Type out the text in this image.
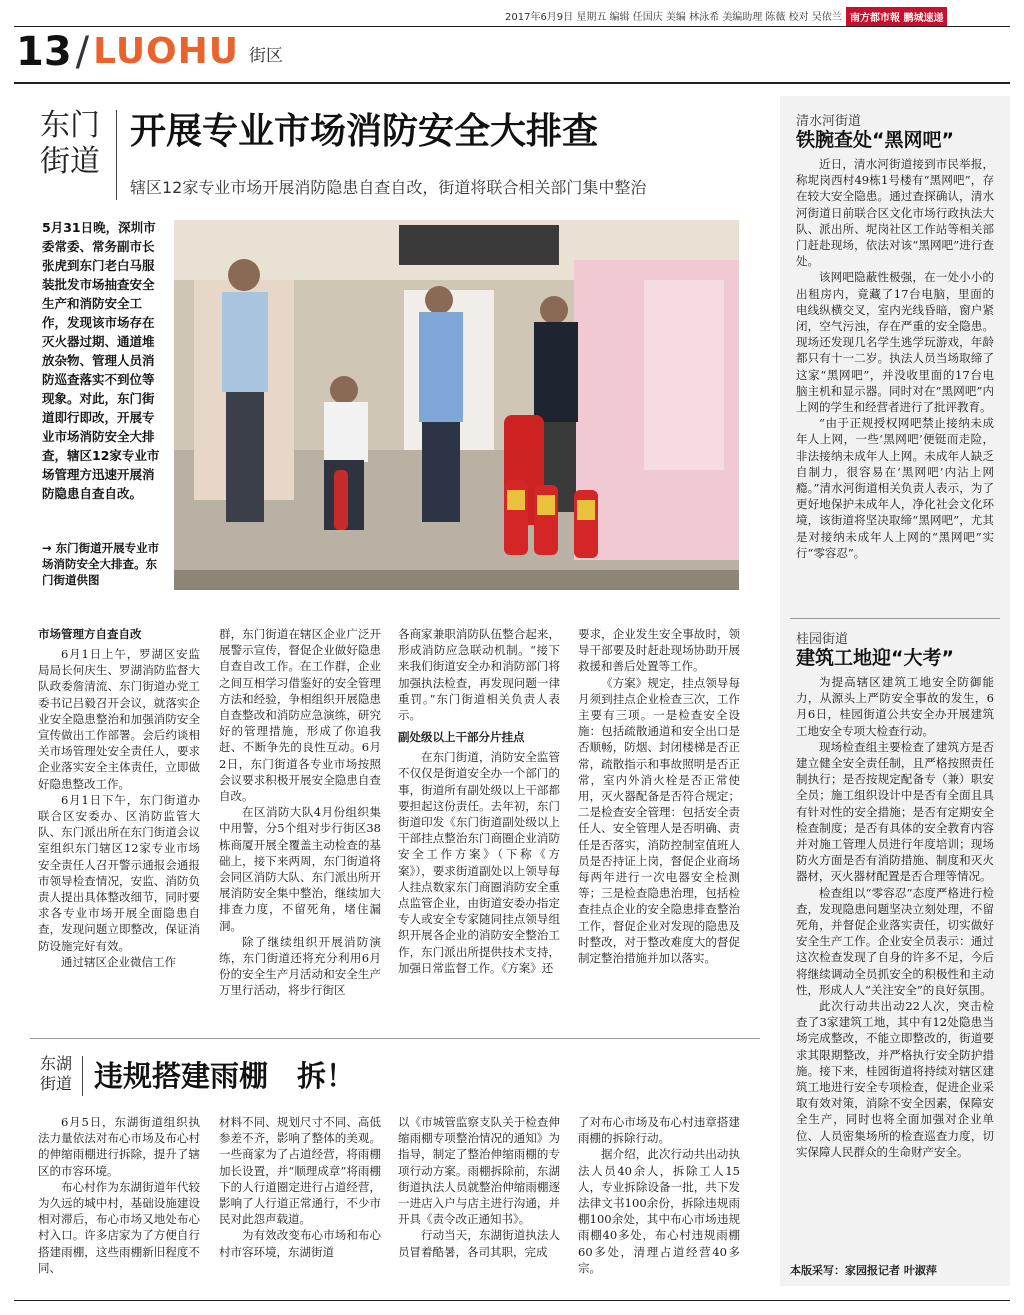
2017年6月9日 星期五 编辑 任国庆 美编 林泳希 美编助理 陈薇 校对 吴依兰 南方都市報 鹏城速递
13 / LUOHU 街区
东门街道
开展专业市场消防安全大排查
辖区12家专业市场开展消防隐患自查自改，街道将联合相关部门集中整治
5月31日晚，深圳市委常委、常务副市长张虎到东门老白马服装批发市场抽查安全生产和消防安全工作，发现该市场存在灭火器过期、通道堆放杂物、管理人员消防巡查落实不到位等现象。对此，东门街道即行即改，开展专业市场消防安全大排查，辖区12家专业市场管理方迅速开展消防隐患自查自改。
→ 东门街道开展专业市场消防安全大排查。东门街道供图
市场管理方自查自改

6月1日上午，罗湖区安监局局长何庆生、罗湖消防监督大队政委詹清流、东门街道办党工委书记吕毅召开会议，就落实企业安全隐患整治和加强消防安全宣传做出工作部署。会后约谈相关市场管理处安全责任人，要求企业落实安全主体责任，立即做好隐患整改工作。

6月1日下午，东门街道办联合区安委办、区消防监管大队、东门派出所在东门街道会议室组织东门辖区12家专业市场安全责任人召开警示通报会通报市领导检查情况，安监、消防负责人提出具体整改细节，同时要求各专业市场开展全面隐患自查，发现问题立即整改，保证消防设施完好有效。

通过辖区企业微信工作

群，东门街道在辖区企业广泛开展警示宣传，督促企业做好隐患自查自改工作。在工作群，企业之间互相学习借鉴好的安全管理方法和经验，争相组织开展隐患自查整改和消防应急演练，研究好的管理措施，形成了你追我赶、不断争先的良性互动。6月2日，东门街道各专业市场按照会议要求积极开展安全隐患自查自改。

在区消防大队4月份组织集中用警，分5个组对步行街区38栋商厦开展全覆盖主动检查的基础上，接下来两周，东门街道将会同区消防大队、东门派出所开展消防安全集中整治，继续加大排查力度，不留死角，堵住漏洞。

除了继续组织开展消防演练，东门街道还将充分利用6月份的安全生产月活动和安全生产万里行活动，将步行街区

各商家兼职消防队伍整合起来，形成消防应急联动机制。“接下来我们街道安全办和消防部门将加强执法检查，再发现问题一律重罚。”东门街道相关负责人表示。

副处级以上干部分片挂点

在东门街道，消防安全监管不仅仅是街道安全办一个部门的事，街道所有副处级以上干部都要担起这份责任。去年初，东门街道印发《东门街道副处级以上干部挂点整治东门商圈企业消防安全工作方案》（下称《方案》），要求街道副处以上领导每人挂点数家东门商圈消防安全重点监管企业，由街道安委办指定专人或安全专家随同挂点领导组织开展各企业的消防安全整治工作，东门派出所提供技术支持，加强日常监督工作。《方案》还

要求，企业发生安全事故时，领导干部要及时赶赴现场协助开展救援和善后处置等工作。

《方案》规定，挂点领导每月须到挂点企业检查三次，工作主要有三项。一是检查安全设施：包括疏散通道和安全出口是否顺畅，防烟、封闭楼梯是否正常，疏散指示和事故照明是否正常，室内外消火栓是否正常使用，灭火器配备是否符合规定；二是检查安全管理：包括安全责任人、安全管理人是否明确、责任是否落实，消防控制室值班人员是否持证上岗，督促企业商场每两年进行一次电器安全检测等；三是检查隐患治理，包括检查挂点企业的安全隐患排查整治工作，督促企业对发现的隐患及时整改，对于整改难度大的督促制定整治措施并加以落实。

清水河街道
铁腕查处“黑网吧”

近日，清水河街道接到市民举报，称坭岗西村49栋1号楼有“黑网吧”，存在较大安全隐患。通过查探确认，清水河街道日前联合区文化市场行政执法大队、派出所、坭岗社区工作站等相关部门赶赴现场，依法对该“黑网吧”进行查处。

该网吧隐蔽性极强，在一处小小的出租房内，竟藏了17台电脑，里面的电线纵横交叉，室内光线昏暗，窗户紧闭，空气污浊，存在严重的安全隐患。现场还发现几名学生逃学玩游戏，年龄都只有十一二岁。执法人员当场取缔了这家“黑网吧”，并没收里面的17台电脑主机和显示器。同时对在“黑网吧”内上网的学生和经营者进行了批评教育。

“由于正规授权网吧禁止接纳未成年人上网，一些‘黑网吧’便铤而走险，非法接纳未成年人上网。未成年人缺乏自制力，很容易在‘黑网吧’内沾上网瘾。”清水河街道相关负责人表示，为了更好地保护未成年人，净化社会文化环境，该街道将坚决取缔“黑网吧”，尤其是对接纳未成年人上网的“黑网吧”实行“零容忍”。

桂园街道
建筑工地迎“大考”

为提高辖区建筑工地安全防御能力，从源头上严防安全事故的发生，6月6日，桂园街道公共安全办开展建筑工地安全专项大检查行动。

现场检查组主要检查了建筑方是否建立健全安全责任制，且严格按照责任制执行；是否按规定配备专（兼）职安全员；施工组织设计中是否有全面且具有针对性的安全措施；是否有定期安全检查制度；是否有具体的安全教育内容并对施工管理人员进行年度培训；现场防火方面是否有消防措施、制度和灭火器材，灭火器材配置是否合理等情况。

检查组以“零容忍”态度严格进行检查，发现隐患问题坚决立刻处理，不留死角，并督促企业落实责任，切实做好安全生产工作。企业安全员表示：通过这次检查发现了自身的许多不足，今后将继续调动全员抓安全的积极性和主动性，形成人人“关注安全”的良好氛围。

此次行动共出动22人次，突击检查了3家建筑工地，其中有12处隐患当场完成整改，不能立即整改的，街道要求其限期整改，并严格执行安全防护措施。接下来，桂园街道将持续对辖区建筑工地进行安全专项检查，促进企业采取有效对策，消除不安全因素，保障安全生产，同时也将全面加强对企业单位、人员密集场所的检查巡查力度，切实保障人民群众的生命财产安全。

本版采写：家园报记者 叶淑萍
东湖街道 违规搭建雨棚　拆！

6月5日，东湖街道组织执法力量依法对布心市场及布心村的伸缩雨棚进行拆除，提升了辖区的市容环境。

布心村作为东湖街道年代较为久远的城中村，基础设施建设相对滞后，布心市场又地处布心村入口。许多店家为了方便自行搭建雨棚，这些雨棚新旧程度不同、

材料不同、规划尺寸不同、高低参差不齐，影响了整体的美观。一些商家为了占道经营，将雨棚加长设置，并“顺理成章”将雨棚下的人行道圈定进行占道经营，影响了人行道正常通行，不少市民对此怨声载道。

为有效改变布心市场和布心村市容环境，东湖街道

以《市城管监察支队关于检查伸缩雨棚专项整治情况的通知》为指导，制定了整治伸缩雨棚的专项行动方案。雨棚拆除前，东湖街道执法人员就整治伸缩雨棚逐一进店入户与店主进行沟通，并开具《责令改正通知书》。

行动当天，东湖街道执法人员冒着酷暑，各司其职，完成

了对布心市场及布心村违章搭建雨棚的拆除行动。

据介绍，此次行动共出动执法人员40余人，拆除工人15人，专业拆除设备一批，共下发法律文书100余份，拆除违规雨棚100余处，其中布心市场违规雨棚40多处，布心村违规雨棚60多处，清理占道经营40多宗。
